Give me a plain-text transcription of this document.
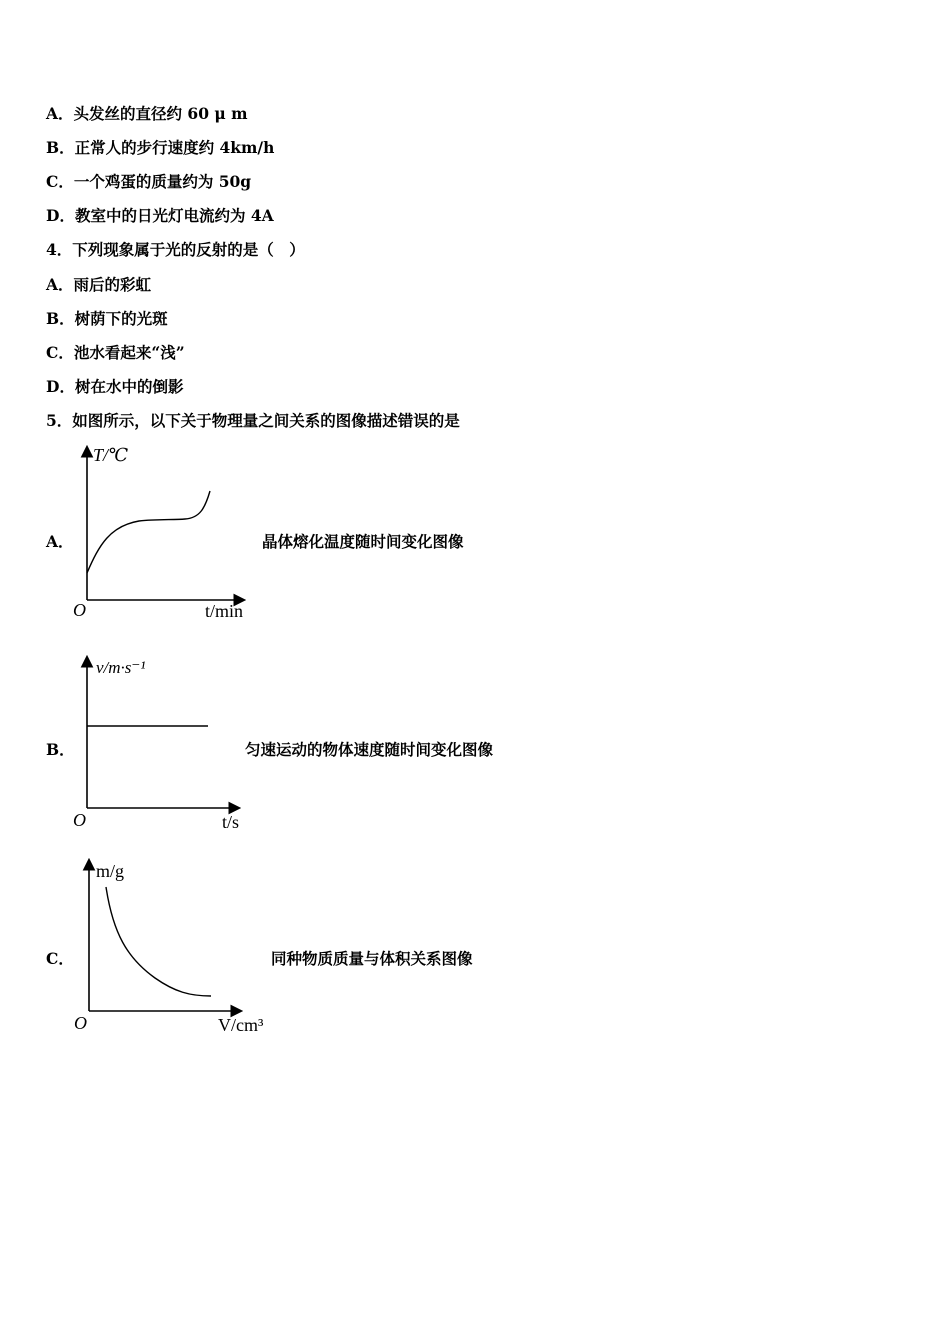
A．头发丝的直径约 60 μ m
B．正常人的步行速度约 4km/h
C．一个鸡蛋的质量约为 50g
D．教室中的日光灯电流约为 4A
4．下列现象属于光的反射的是（　）
A．雨后的彩虹
B．树荫下的光斑
C．池水看起来“浅”
D．树在水中的倒影
5．如图所示，以下关于物理量之间关系的图像描述错误的是
A．
T/℃
t/min
O
晶体熔化温度随时间变化图像
B．
v/m·s⁻¹
t/s
O
匀速运动的物体速度随时间变化图像
C．
m/g
V/cm³
O
同种物质质量与体积关系图像
